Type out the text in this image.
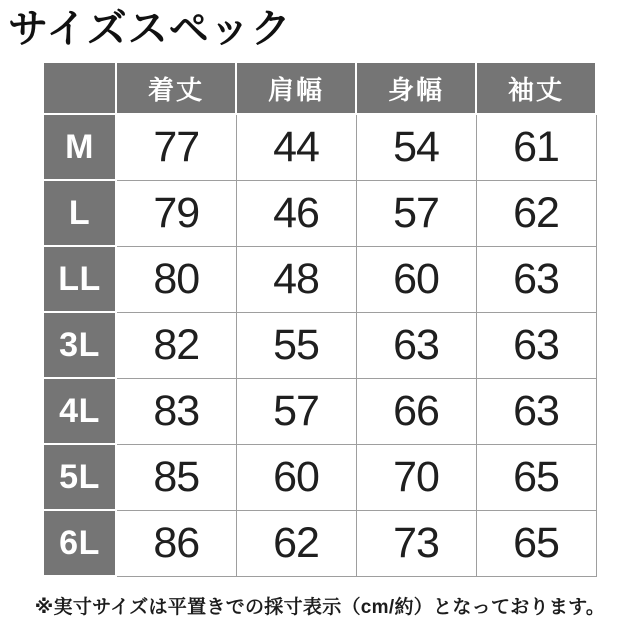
サイズスペック
	着丈	肩幅	身幅	袖丈
M	77	44	54	61
L	79	46	57	62
LL	80	48	60	63
3L	82	55	63	63
4L	83	57	66	63
5L	85	60	70	65
6L	86	62	73	65
※実寸サイズは平置きでの採寸表示（cm/約）となっております。
